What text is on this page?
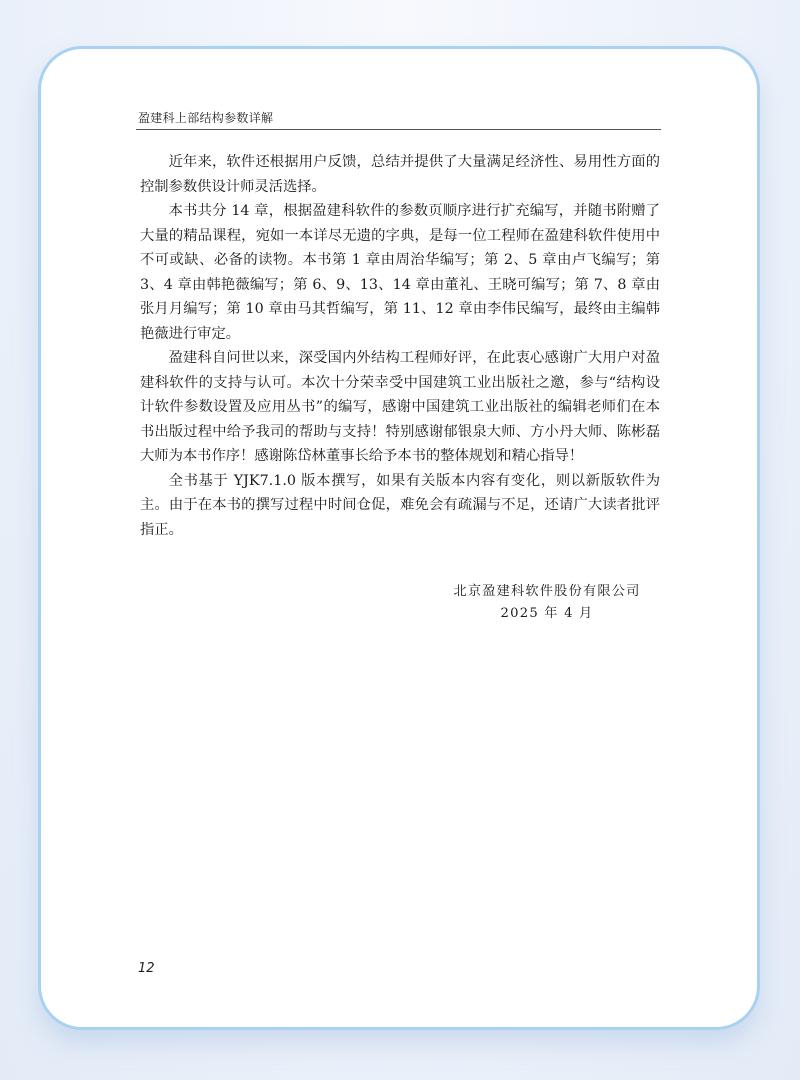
盈建科上部结构参数详解

近年来，软件还根据用户反馈，总结并提供了大量满足经济性、易用性方面的控制参数供设计师灵活选择。

本书共分 14 章，根据盈建科软件的参数页顺序进行扩充编写，并随书附赠了大量的精品课程，宛如一本详尽无遗的字典，是每一位工程师在盈建科软件使用中不可或缺、必备的读物。本书第 1 章由周治华编写；第 2、5 章由卢飞编写；第 3、4 章由韩艳薇编写；第 6、9、13、14 章由董礼、王晓可编写；第 7、8 章由张月月编写；第 10 章由马其哲编写，第 11、12 章由李伟民编写，最终由主编韩艳薇进行审定。

盈建科自问世以来，深受国内外结构工程师好评，在此衷心感谢广大用户对盈建科软件的支持与认可。本次十分荣幸受中国建筑工业出版社之邀，参与“结构设计软件参数设置及应用丛书”的编写，感谢中国建筑工业出版社的编辑老师们在本书出版过程中给予我司的帮助与支持！特别感谢郁银泉大师、方小丹大师、陈彬磊大师为本书作序！感谢陈岱林董事长给予本书的整体规划和精心指导！

全书基于 YJK7.1.0 版本撰写，如果有关版本内容有变化，则以新版软件为主。由于在本书的撰写过程中时间仓促，难免会有疏漏与不足，还请广大读者批评指正。

北京盈建科软件股份有限公司
2025 年 4 月
12
